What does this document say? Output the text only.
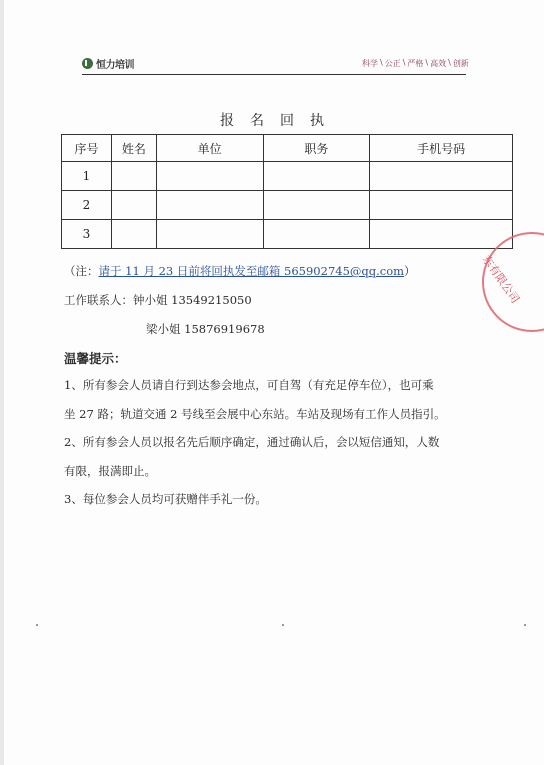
恒力培训	科学 \ 公正 \ 严格 \ 高效 \ 创新
报名回执
序号	姓名	单位	职务	手机号码
1				
2				
3				
（注：请于 11 月 23 日前将回执发至邮箱 565902745@qq.com）
工作联系人：钟小姐 13549215050
梁小姐 15876919678
温馨提示：
1、所有参会人员请自行到达参会地点，可自驾（有充足停车位），也可乘
坐 27 路；轨道交通 2 号线至会展中心东站。车站及现场有工作人员指引。
2、所有参会人员以报名先后顺序确定，通过确认后，会以短信通知，人数
有限，报满即止。
3、每位参会人员均可获赠伴手礼一份。
东有限公司
